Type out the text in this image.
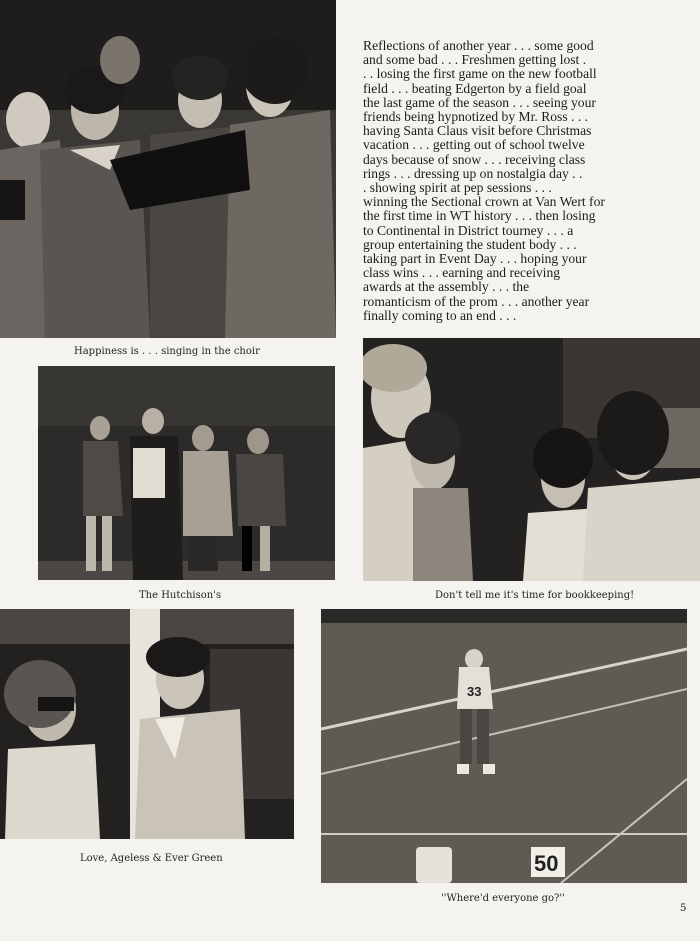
Happiness is . . . singing in the choir
Reflections of another year . . . some good
and some bad . . . Freshmen getting lost .
. . losing the first game on the new football
field . . . beating Edgerton by a field goal
the last game of the season . . . seeing your
friends being hypnotized by Mr. Ross . . .
having Santa Claus visit before Christmas
vacation . . . getting out of school twelve
days because of snow . . . receiving class
rings . . . dressing up on nostalgia day . .
. showing spirit at pep sessions . . .
winning the Sectional crown at Van Wert for
the first time in WT history . . . then losing
to Continental in District tourney . . . a
group entertaining the student body . . .
taking part in Event Day . . . hoping your
class wins . . . earning and receiving
awards at the assembly . . . the
romanticism of the prom . . . another year
finally coming to an end . . .
The Hutchison's	Don't tell me it's time for bookkeeping!
Love, Ageless & Ever Green
33
50
''Where'd everyone go?''
5
